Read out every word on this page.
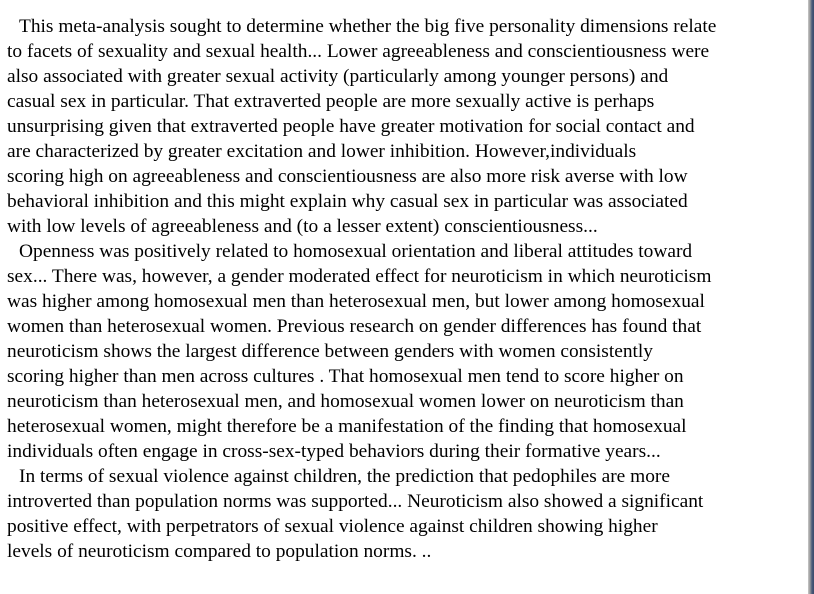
This meta-analysis sought to determine whether the big five personality dimensions relate
to facets of sexuality and sexual health... Lower agreeableness and conscientiousness were
also associated with greater sexual activity (particularly among younger persons) and
casual sex in particular. That extraverted people are more sexually active is perhaps
unsurprising given that extraverted people have greater motivation for social contact and
are characterized by greater excitation and lower inhibition. However,individuals
scoring high on agreeableness and conscientiousness are also more risk averse with low
behavioral inhibition and this might explain why casual sex in particular was associated
with low levels of agreeableness and (to a lesser extent) conscientiousness...
Openness was positively related to homosexual orientation and liberal attitudes toward
sex... There was, however, a gender moderated effect for neuroticism in which neuroticism
was higher among homosexual men than heterosexual men, but lower among homosexual
women than heterosexual women. Previous research on gender differences has found that
neuroticism shows the largest difference between genders with women consistently
scoring higher than men across cultures . That homosexual men tend to score higher on
neuroticism than heterosexual men, and homosexual women lower on neuroticism than
heterosexual women, might therefore be a manifestation of the finding that homosexual
individuals often engage in cross-sex-typed behaviors during their formative years...
In terms of sexual violence against children, the prediction that pedophiles are more
introverted than population norms was supported... Neuroticism also showed a significant
positive effect, with perpetrators of sexual violence against children showing higher
levels of neuroticism compared to population norms. ..
